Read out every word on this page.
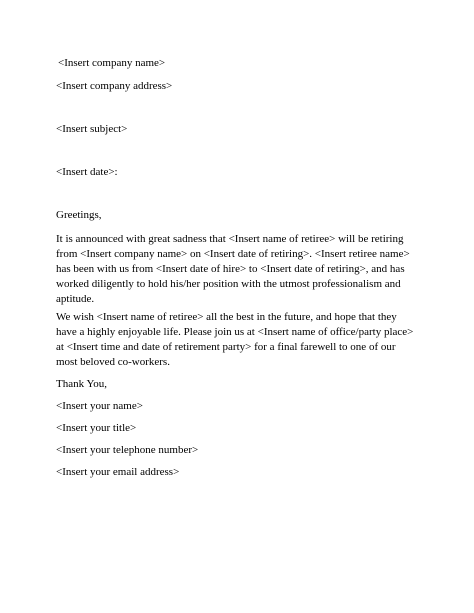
<Insert company name>

<Insert company address>

<Insert subject>

<Insert date>:

Greetings,

It is announced with great sadness that <Insert name of retiree> will be retiring
from <Insert company name> on <Insert date of retiring>. <Insert retiree name>
has been with us from <Insert date of hire> to <Insert date of retiring>, and has
worked diligently to hold his/her position with the utmost professionalism and
aptitude.
We wish <Insert name of retiree> all the best in the future, and hope that they
have a highly enjoyable life. Please join us at <Insert name of office/party place>
at <Insert time and date of retirement party> for a final farewell to one of our
most beloved co-workers.

Thank You,

<Insert your name>

<Insert your title>

<Insert your telephone number>

<Insert your email address>
